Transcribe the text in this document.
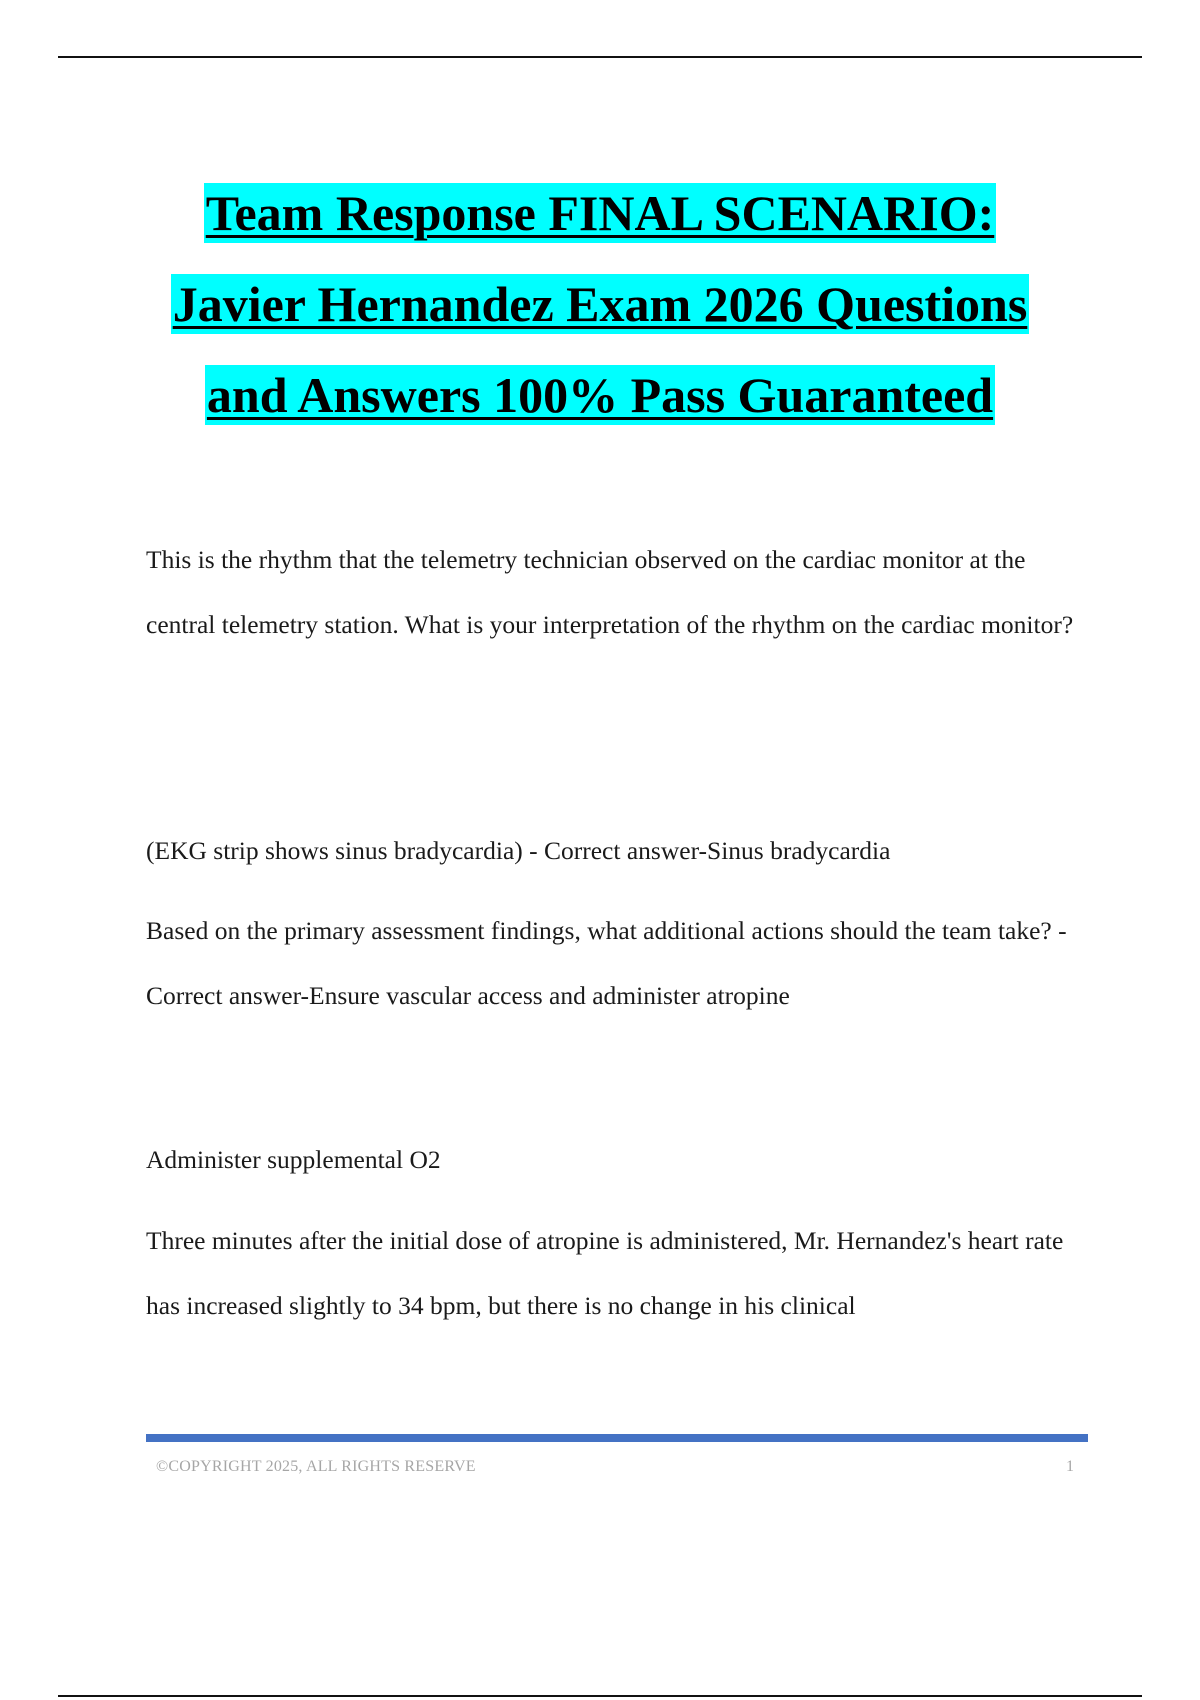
Team Response FINAL SCENARIO:
Javier Hernandez Exam 2026 Questions
and Answers 100% Pass Guaranteed

This is the rhythm that the telemetry technician observed on the cardiac monitor at the central telemetry station. What is your interpretation of the rhythm on the cardiac monitor?

(EKG strip shows sinus bradycardia) - Correct answer-Sinus bradycardia

Based on the primary assessment findings, what additional actions should the team take? - Correct answer-Ensure vascular access and administer atropine

Administer supplemental O2

Three minutes after the initial dose of atropine is administered, Mr. Hernandez's heart rate has increased slightly to 34 bpm, but there is no change in his clinical

©COPYRIGHT 2025, ALL RIGHTS RESERVE	1
